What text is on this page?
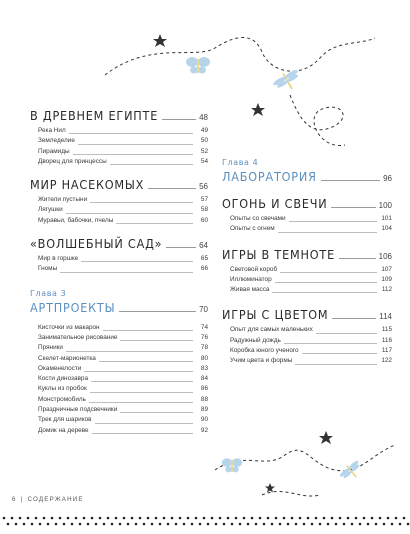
В ДРЕВНЕМ ЕГИПТЕ	48
Река Нил	49
Земледелие	50
Пирамиды	52
Дворец для принцессы	54
МИР НАСЕКОМЫХ	56
Жители пустыни	57
Лягушки	58
Муравьи, бабочки, пчелы	60
«ВОЛШЕБНЫЙ САД»	64
Мир в горшке	65
Гномы	66
Глава 3
АРТПРОЕКТЫ	70
Кисточки из макарон	74
Занимательное рисование	76
Пряники	78
Скелет-марионетка	80
Окаменелости	83
Кости динозавра	84
Куклы из пробок	86
Монстромобиль	88
Праздничные подсвечники	89
Трек для шариков	90
Домик на дереве	92
Глава 4
ЛАБОРАТОРИЯ	96
ОГОНЬ И СВЕЧИ	100
Опыты со свечами	101
Опыты с огнем	104
ИГРЫ В ТЕМНОТЕ	106
Световой короб	107
Иллюминатор	109
Живая масса	112
ИГРЫ С ЦВЕТОМ	114
Опыт для самых маленьких	115
Радужный дождь	116
Коробка юного ученого	117
Учим цвета и формы	122
6 | СОДЕРЖАНИЕ
